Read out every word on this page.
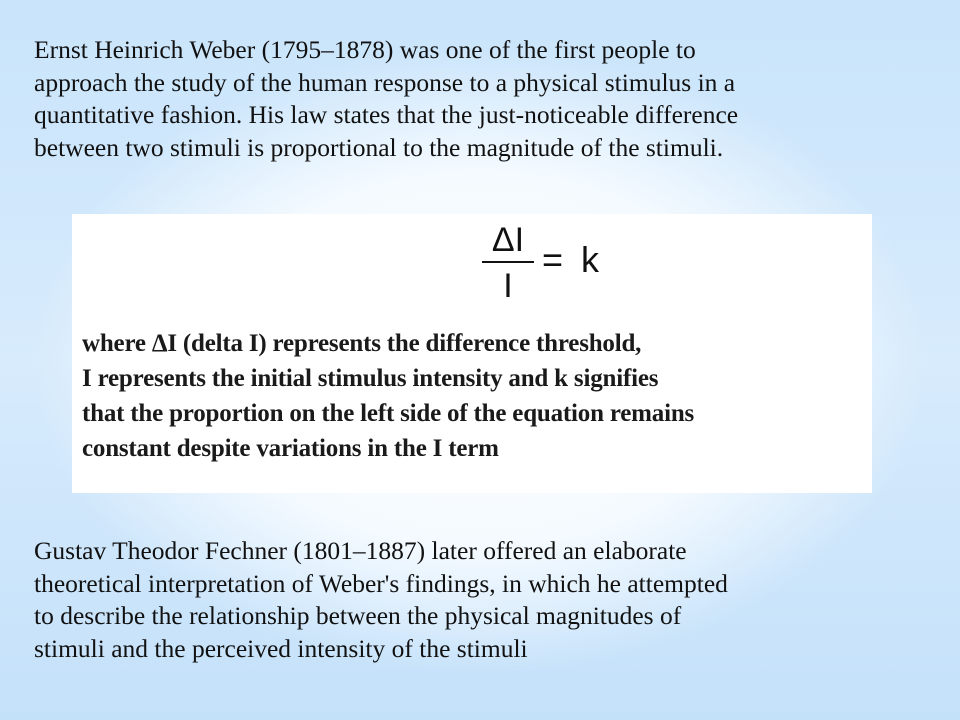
Ernst Heinrich Weber (1795–1878) was one of the first people to
approach the study of the human response to a physical stimulus in a
quantitative fashion. His law states that the just-noticeable difference
between two stimuli is proportional to the magnitude of the stimuli.

ΔI
I
= k

where ΔI (delta I) represents the difference threshold,
I represents the initial stimulus intensity and k signifies
that the proportion on the left side of the equation remains
constant despite variations in the I term

Gustav Theodor Fechner (1801–1887) later offered an elaborate
theoretical interpretation of Weber's findings, in which he attempted
to describe the relationship between the physical magnitudes of
stimuli and the perceived intensity of the stimuli
